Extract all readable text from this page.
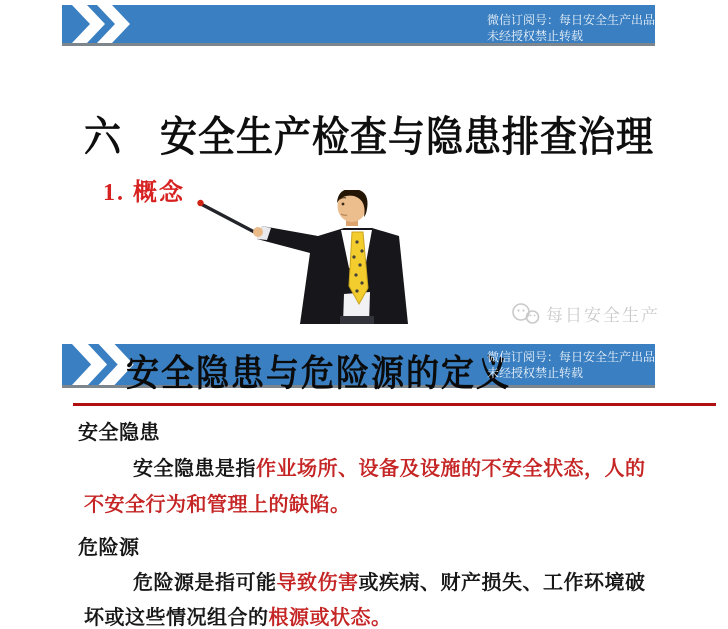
微信订阅号：每日安全生产出品
未经授权禁止转载
六　安全生产检查与隐患排查治理
1. 概念
每日安全生产
安全隐患与危险源的定义
微信订阅号：每日安全生产出品
未经授权禁止转载
安全隐患
安全隐患是指作业场所、设备及设施的不安全状态，人的
不安全行为和管理上的缺陷。
危险源
危险源是指可能导致伤害或疾病、财产损失、工作环境破
坏或这些情况组合的根源或状态。
